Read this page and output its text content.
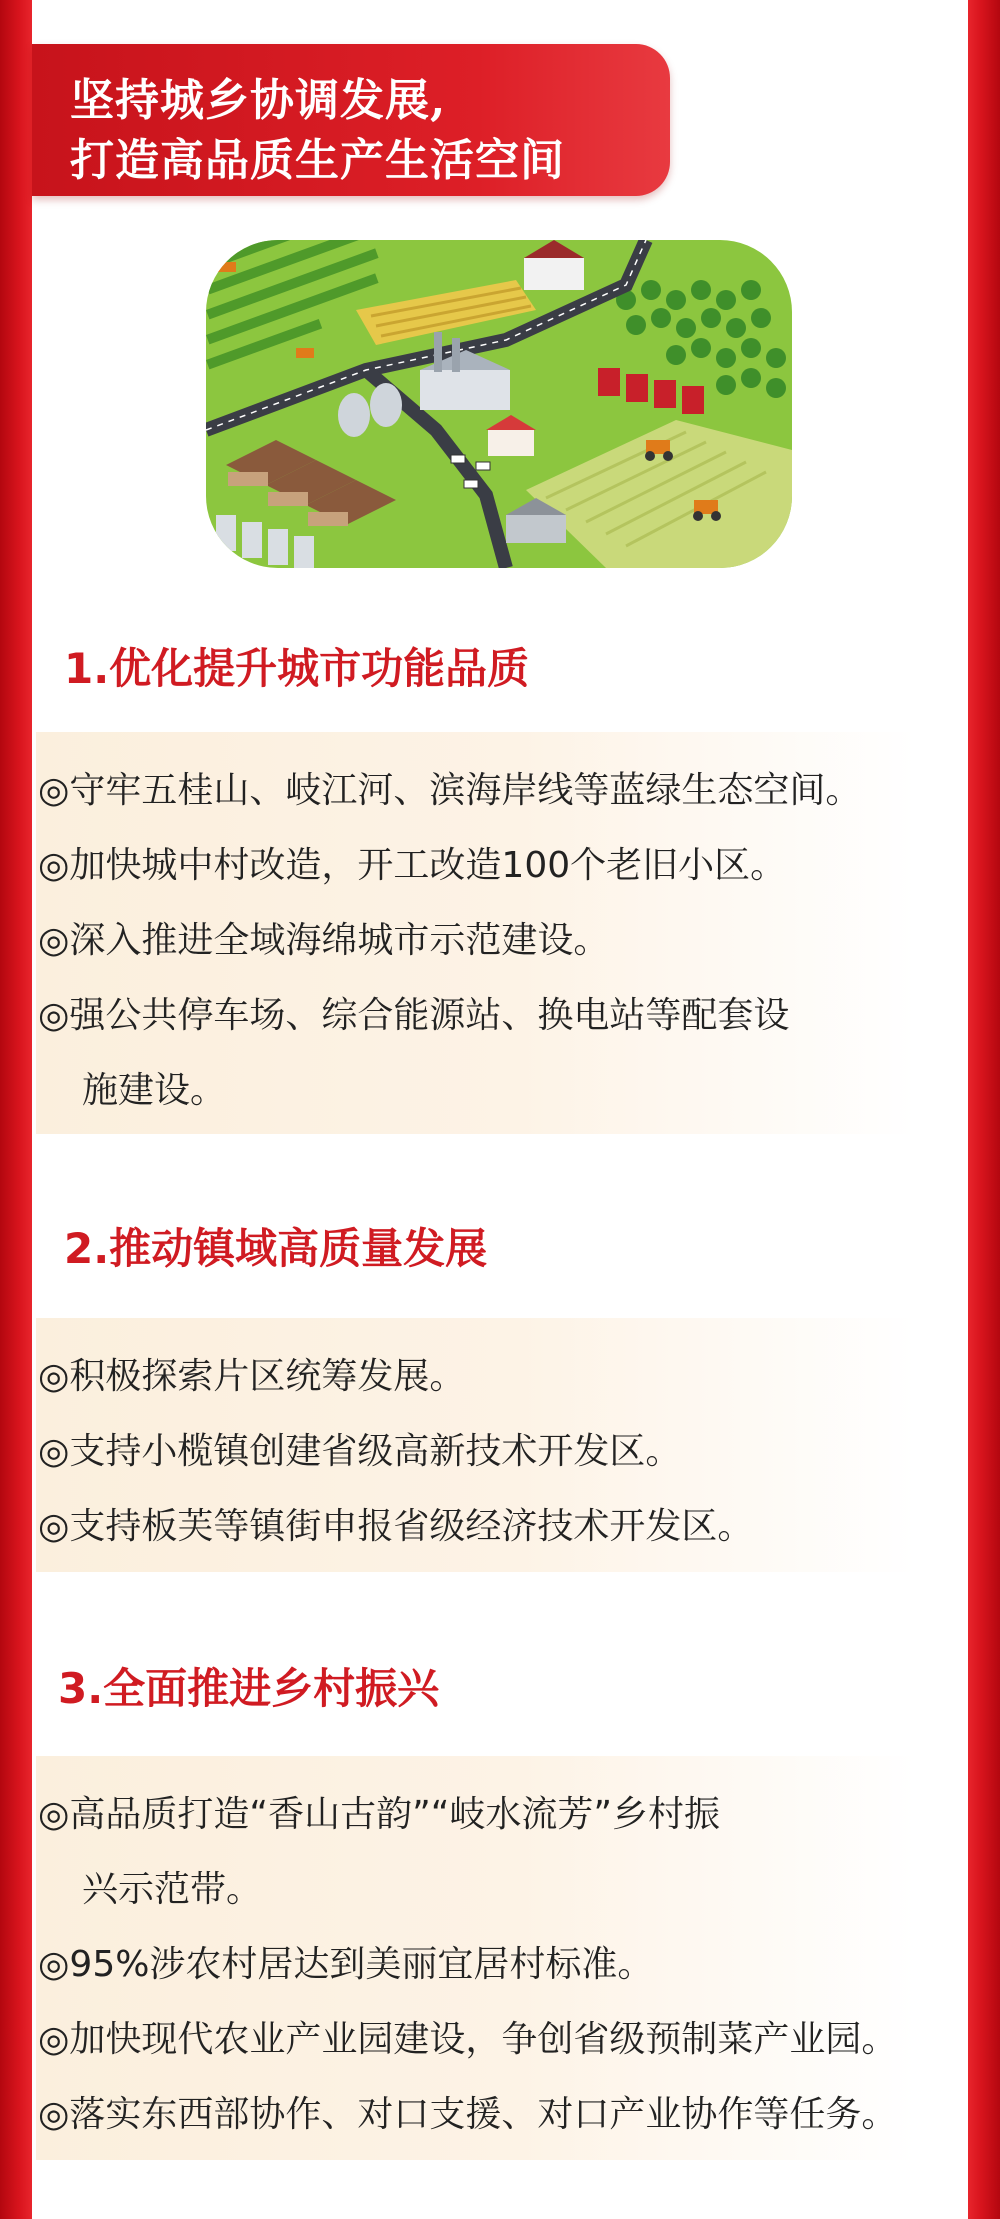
坚持城乡协调发展,
打造高品质生产生活空间
1.优化提升城市功能品质
◎守牢五桂山、岐江河、滨海岸线等蓝绿生态空间。
◎加快城中村改造，开工改造100个老旧小区。
◎深入推进全域海绵城市示范建设。
◎强公共停车场、综合能源站、换电站等配套设
施建设。
2.推动镇域高质量发展
◎积极探索片区统筹发展。
◎支持小榄镇创建省级高新技术开发区。
◎支持板芙等镇街申报省级经济技术开发区。
3.全面推进乡村振兴
◎高品质打造“香山古韵”“岐水流芳”乡村振
兴示范带。
◎95%涉农村居达到美丽宜居村标准。
◎加快现代农业产业园建设，争创省级预制菜产业园。
◎落实东西部协作、对口支援、对口产业协作等任务。
